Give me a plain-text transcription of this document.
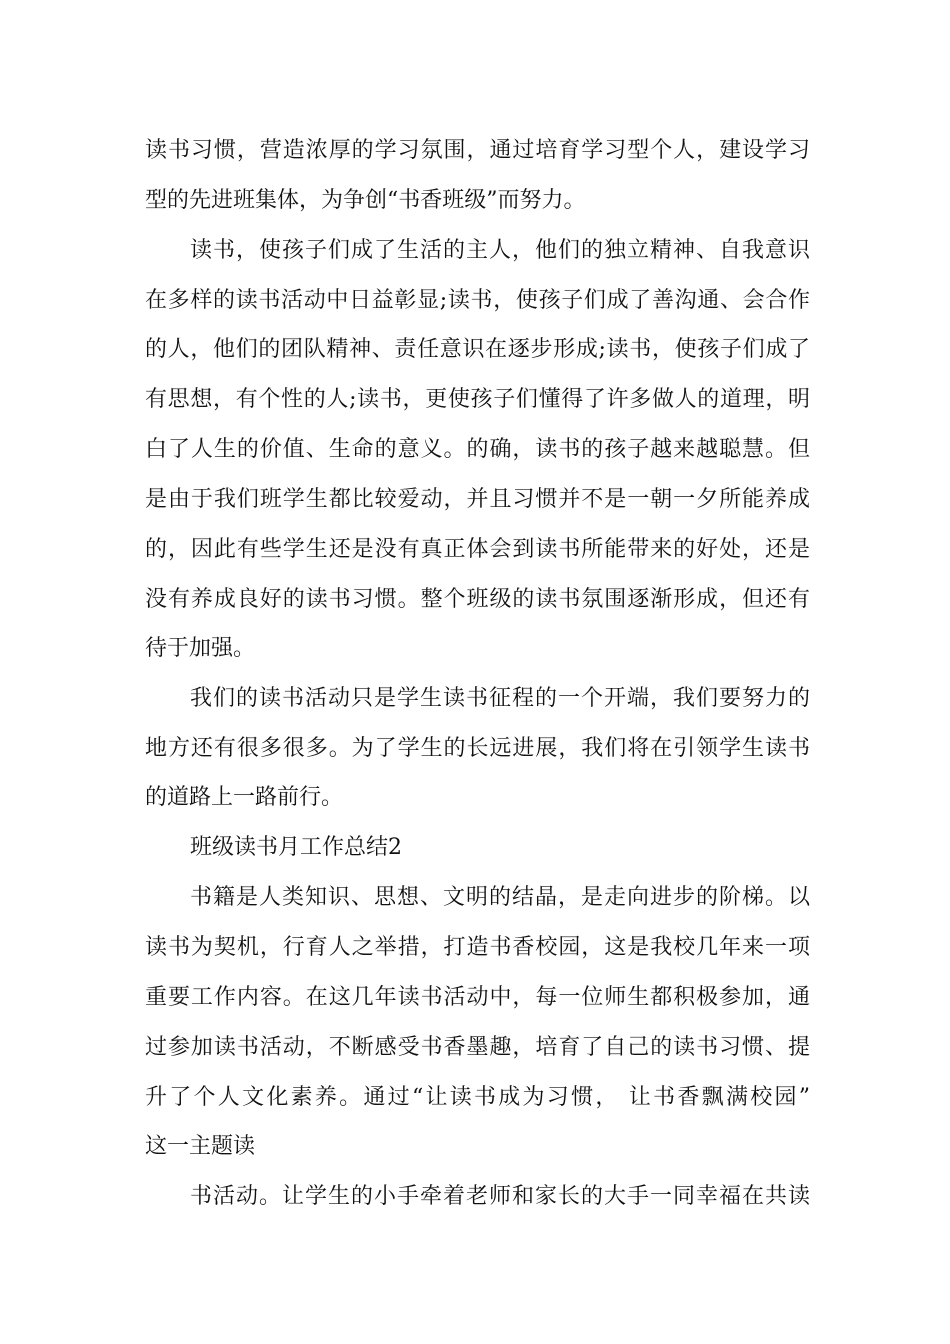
读书习惯，营造浓厚的学习氛围，通过培育学习型个人，建设学习
型的先进班集体，为争创“书香班级”而努力。
读书，使孩子们成了生活的主人，他们的独立精神、自我意识
在多样的读书活动中日益彰显;读书，使孩子们成了善沟通、会合作
的人，他们的团队精神、责任意识在逐步形成;读书，使孩子们成了
有思想，有个性的人;读书，更使孩子们懂得了许多做人的道理，明
白了人生的价值、生命的意义。的确，读书的孩子越来越聪慧。但
是由于我们班学生都比较爱动，并且习惯并不是一朝一夕所能养成
的，因此有些学生还是没有真正体会到读书所能带来的好处，还是
没有养成良好的读书习惯。整个班级的读书氛围逐渐形成，但还有
待于加强。
我们的读书活动只是学生读书征程的一个开端，我们要努力的
地方还有很多很多。为了学生的长远进展，我们将在引领学生读书
的道路上一路前行。
班级读书月工作总结2
书籍是人类知识、思想、文明的结晶，是走向进步的阶梯。以
读书为契机，行育人之举措，打造书香校园，这是我校几年来一项
重要工作内容。在这几年读书活动中，每一位师生都积极参加，通
过参加读书活动，不断感受书香墨趣，培育了自己的读书习惯、提
升了个人文化素养。通过“让读书成为习惯， 让书香飘满校园”
这一主题读
书活动。让学生的小手牵着老师和家长的大手一同幸福在共读
